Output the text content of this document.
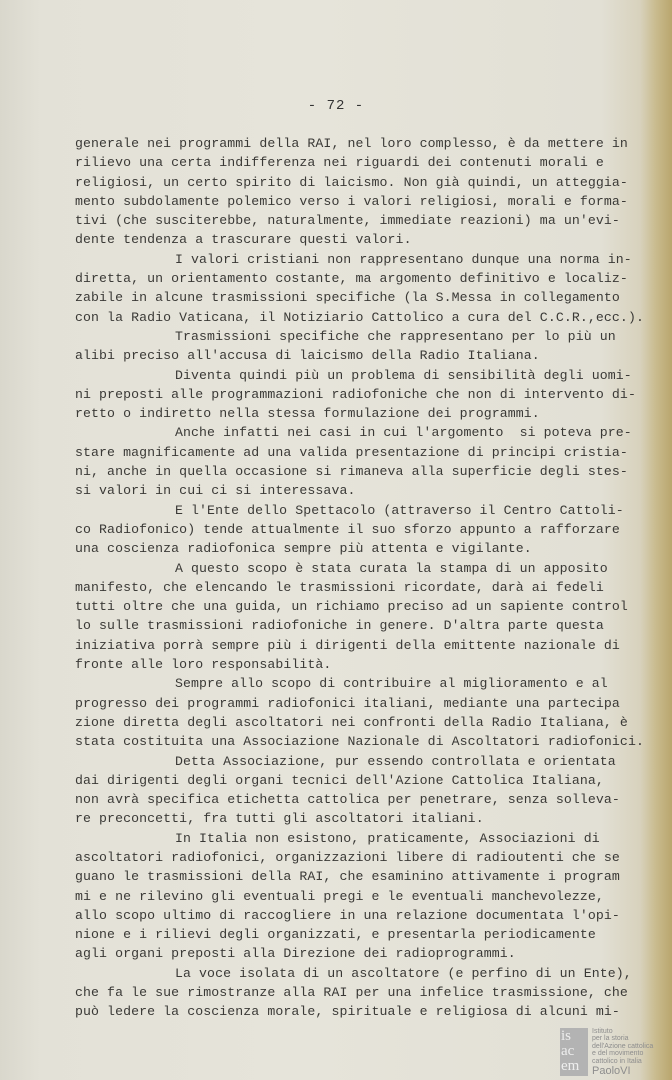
- 72 -
generale nei programmi della RAI, nel loro complesso, è da mettere in
rilievo una certa indifferenza nei riguardi dei contenuti morali e
religiosi, un certo spirito di laicismo. Non già quindi, un atteggia-
mento subdolamente polemico verso i valori religiosi, morali e forma-
tivi (che susciterebbe, naturalmente, immediate reazioni) ma un'evi-
dente tendenza a trascurare questi valori.
I valori cristiani non rappresentano dunque una norma in-
diretta, un orientamento costante, ma argomento definitivo e localiz-
zabile in alcune trasmissioni specifiche (la S.Messa in collegamento
con la Radio Vaticana, il Notiziario Cattolico a cura del C.C.R.,ecc.).
Trasmissioni specifiche che rappresentano per lo più un
alibi preciso all'accusa di laicismo della Radio Italiana.
Diventa quindi più un problema di sensibilità degli uomi-
ni preposti alle programmazioni radiofoniche che non di intervento di-
retto o indiretto nella stessa formulazione dei programmi.
Anche infatti nei casi in cui l'argomento  si poteva pre-
stare magnificamente ad una valida presentazione di principi cristia-
ni, anche in quella occasione si rimaneva alla superficie degli stes-
si valori in cui ci si interessava.
E l'Ente dello Spettacolo (attraverso il Centro Cattoli-
co Radiofonico) tende attualmente il suo sforzo appunto a rafforzare
una coscienza radiofonica sempre più attenta e vigilante.
A questo scopo è stata curata la stampa di un apposito
manifesto, che elencando le trasmissioni ricordate, darà ai fedeli
tutti oltre che una guida, un richiamo preciso ad un sapiente control
lo sulle trasmissioni radiofoniche in genere. D'altra parte questa
iniziativa porrà sempre più i dirigenti della emittente nazionale di
fronte alle loro responsabilità.
Sempre allo scopo di contribuire al miglioramento e al
progresso dei programmi radiofonici italiani, mediante una partecipa
zione diretta degli ascoltatori nei confronti della Radio Italiana, è
stata costituita una Associazione Nazionale di Ascoltatori radiofonici.
Detta Associazione, pur essendo controllata e orientata
dai dirigenti degli organi tecnici dell'Azione Cattolica Italiana,
non avrà specifica etichetta cattolica per penetrare, senza solleva-
re preconcetti, fra tutti gli ascoltatori italiani.
In Italia non esistono, praticamente, Associazioni di
ascoltatori radiofonici, organizzazioni libere di radioutenti che se
guano le trasmissioni della RAI, che esaminino attivamente i program
mi e ne rilevino gli eventuali pregi e le eventuali manchevolezze,
allo scopo ultimo di raccogliere in una relazione documentata l'opi-
nione e i rilievi degli organizzati, e presentarla periodicamente
agli organi preposti alla Direzione dei radioprogrammi.
La voce isolata di un ascoltatore (e perfino di un Ente),
che fa le sue rimostranze alla RAI per una infelice trasmissione, che
può ledere la coscienza morale, spirituale e religiosa di alcuni mi-
is
ac
em
Istituto
per la storia
dell'Azione cattolica
e del movimento
cattolico in Italia
PaoloVI
